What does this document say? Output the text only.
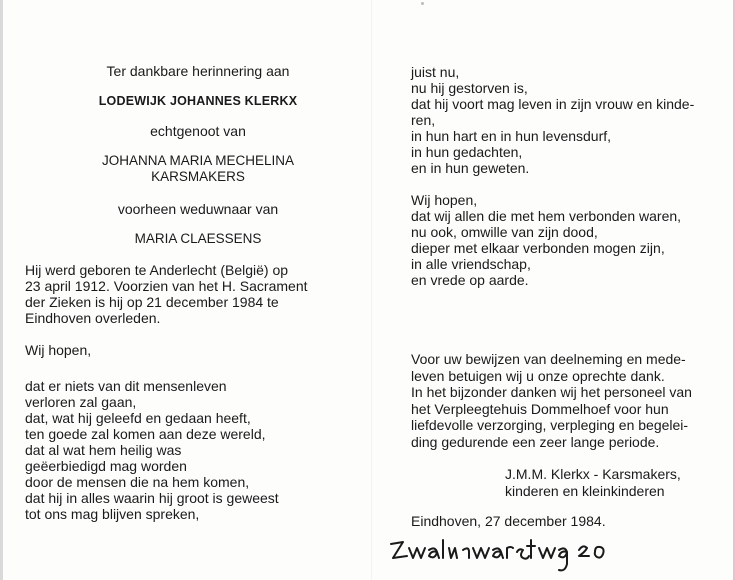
Ter dankbare herinnering aan
LODEWIJK JOHANNES KLERKX
echtgenoot van
JOHANNA MARIA MECHELINA
KARSMAKERS
voorheen weduwnaar van
MARIA CLAESSENS
Hij werd geboren te Anderlecht (België) op
23 april 1912. Voorzien van het H. Sacrament
der Zieken is hij op 21 december 1984 te
Eindhoven overleden.
Wij hopen,
dat er niets van dit mensenleven
verloren zal gaan,
dat, wat hij geleefd en gedaan heeft,
ten goede zal komen aan deze wereld,
dat al wat hem heilig was
geëerbiedigd mag worden
door de mensen die na hem komen,
dat hij in alles waarin hij groot is geweest
tot ons mag blijven spreken,
juist nu,
nu hij gestorven is,
dat hij voort mag leven in zijn vrouw en kinde-
ren,
in hun hart en in hun levensdurf,
in hun gedachten,
en in hun geweten.
Wij hopen,
dat wij allen die met hem verbonden waren,
nu ook, omwille van zijn dood,
dieper met elkaar verbonden mogen zijn,
in alle vriendschap,
en vrede op aarde.
Voor uw bewijzen van deelneming en mede-
leven betuigen wij u onze oprechte dank.
In het bijzonder danken wij het personeel van
het Verpleegtehuis Dommelhoef voor hun
liefdevolle verzorging, verpleging en begelei-
ding gedurende een zeer lange periode.
J.M.M. Klerkx - Karsmakers,
kinderen en kleinkinderen
Eindhoven, 27 december 1984.
